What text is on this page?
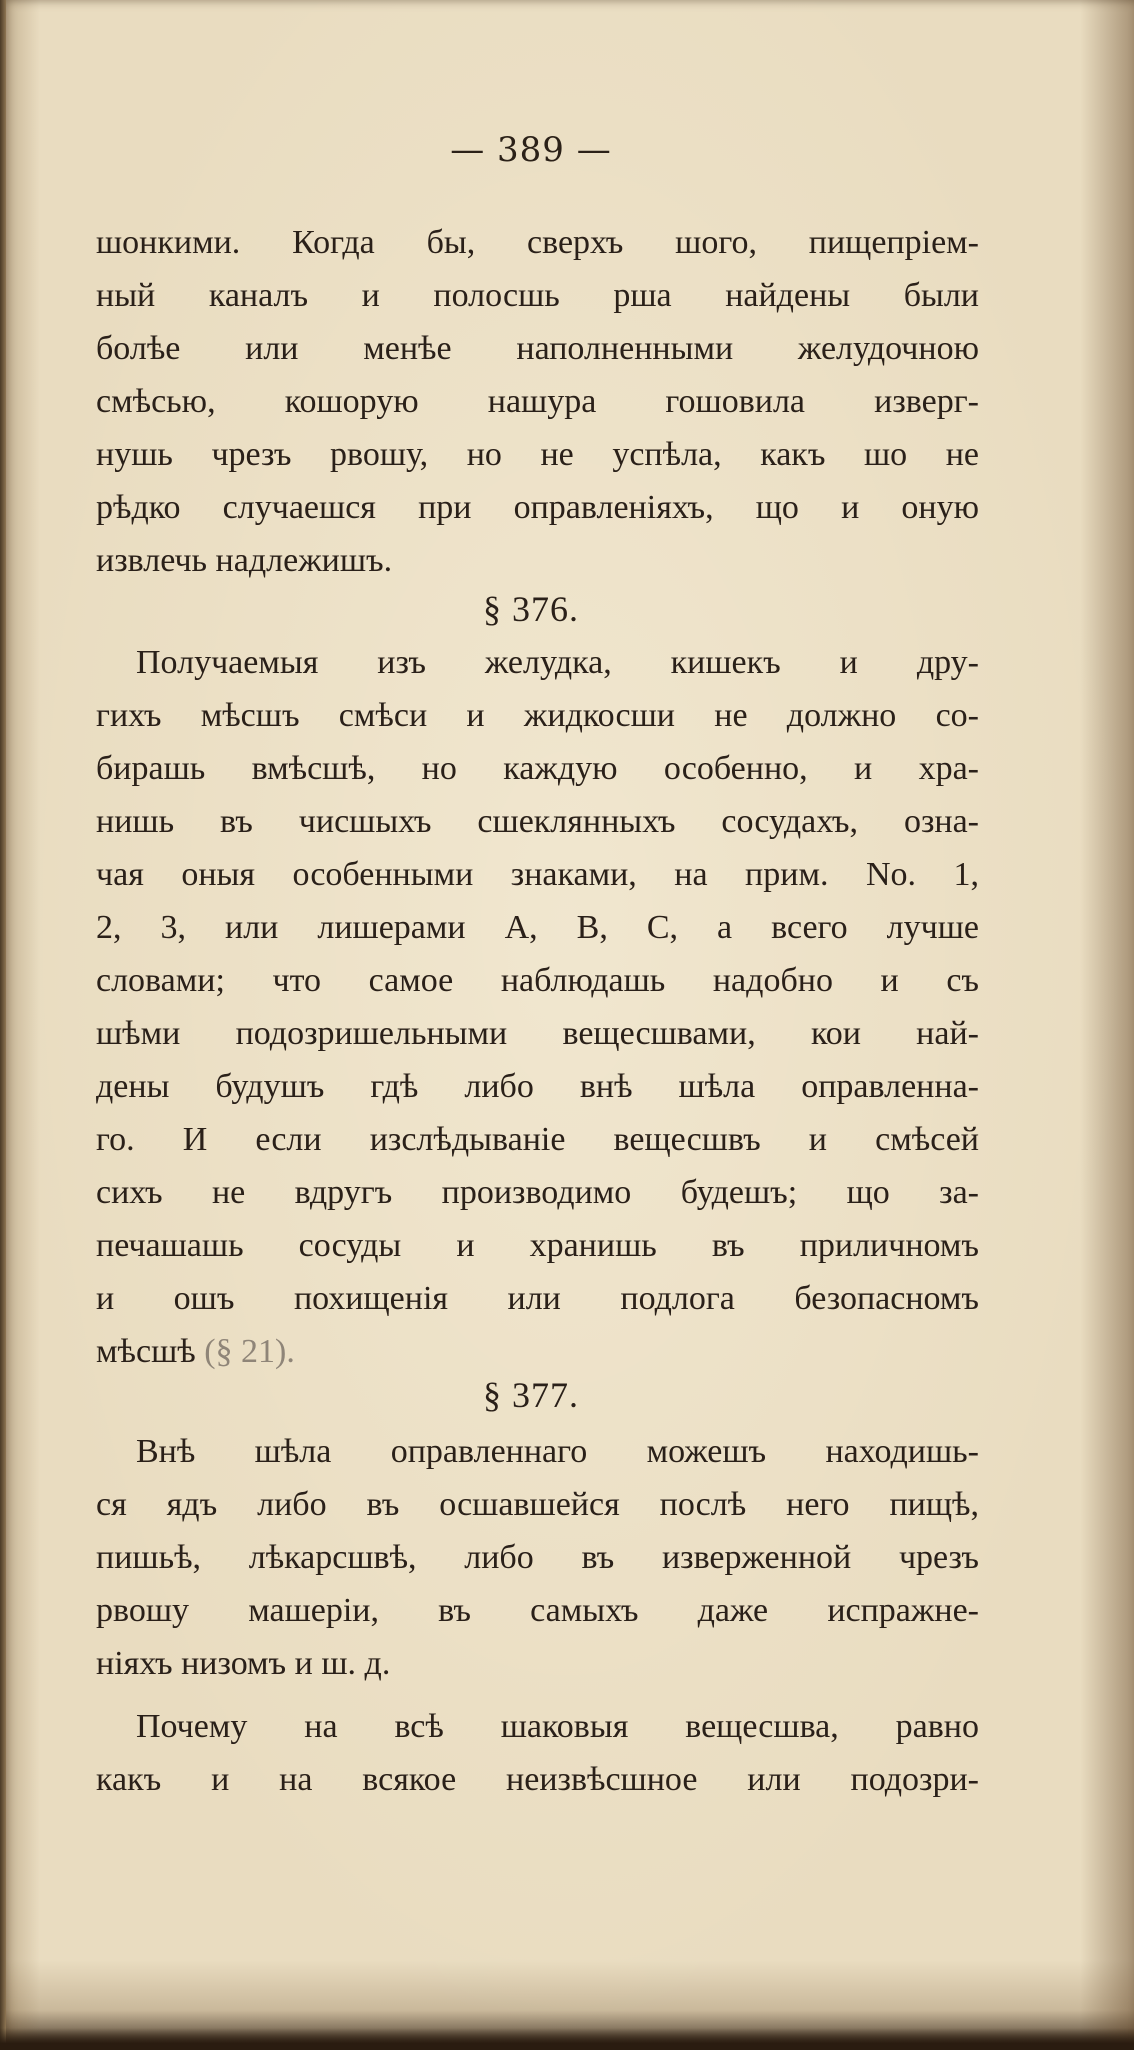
— 389 —
шонкими. Когда бы, сверхъ шого, пищепріем-
ный каналъ и полосшь рша найдены были
болѣе или менѣе наполненными желудочною
смѣсью, кошорую нашура гошовила изверг-
нушь чрезъ рвошу, но не успѣла, какъ шо не
рѣдко случаешся при оправленіяхъ, що и оную
извлечь надлежишъ.
§ 376.
Получаемыя изъ желудка, кишекъ и дру-
гихъ мѣсшъ смѣси и жидкосши не должно со-
бирашь вмѣсшѣ, но каждую особенно, и хра-
нишь въ чисшыхъ сшеклянныхъ сосудахъ, озна-
чая оныя особенными знаками, на прим. No. 1,
2, 3, или лишерами A, B, C, а всего лучше
словами; что самое наблюдашь надобно и съ
шѣми подозришельными вещесшвами, кои най-
дены будушъ гдѣ либо внѣ шѣла оправленна-
го. И если изслѣдываніе вещесшвъ и смѣсей
сихъ не вдругъ производимо будешъ; що за-
печашашь сосуды и хранишь въ приличномъ
и ошъ похищенія или подлога безопасномъ
мѣсшѣ (§ 21).
§ 377.
Внѣ шѣла оправленнаго можешъ находишь-
ся ядъ либо въ осшавшейся послѣ него пищѣ,
пишьѣ, лѣкарсшвѣ, либо въ изверженной чрезъ
рвошу машеріи, въ самыхъ даже испражне-
ніяхъ низомъ и ш. д.
Почему на всѣ шаковыя вещесшва, равно
какъ и на всякое неизвѣсшное или подозри-
